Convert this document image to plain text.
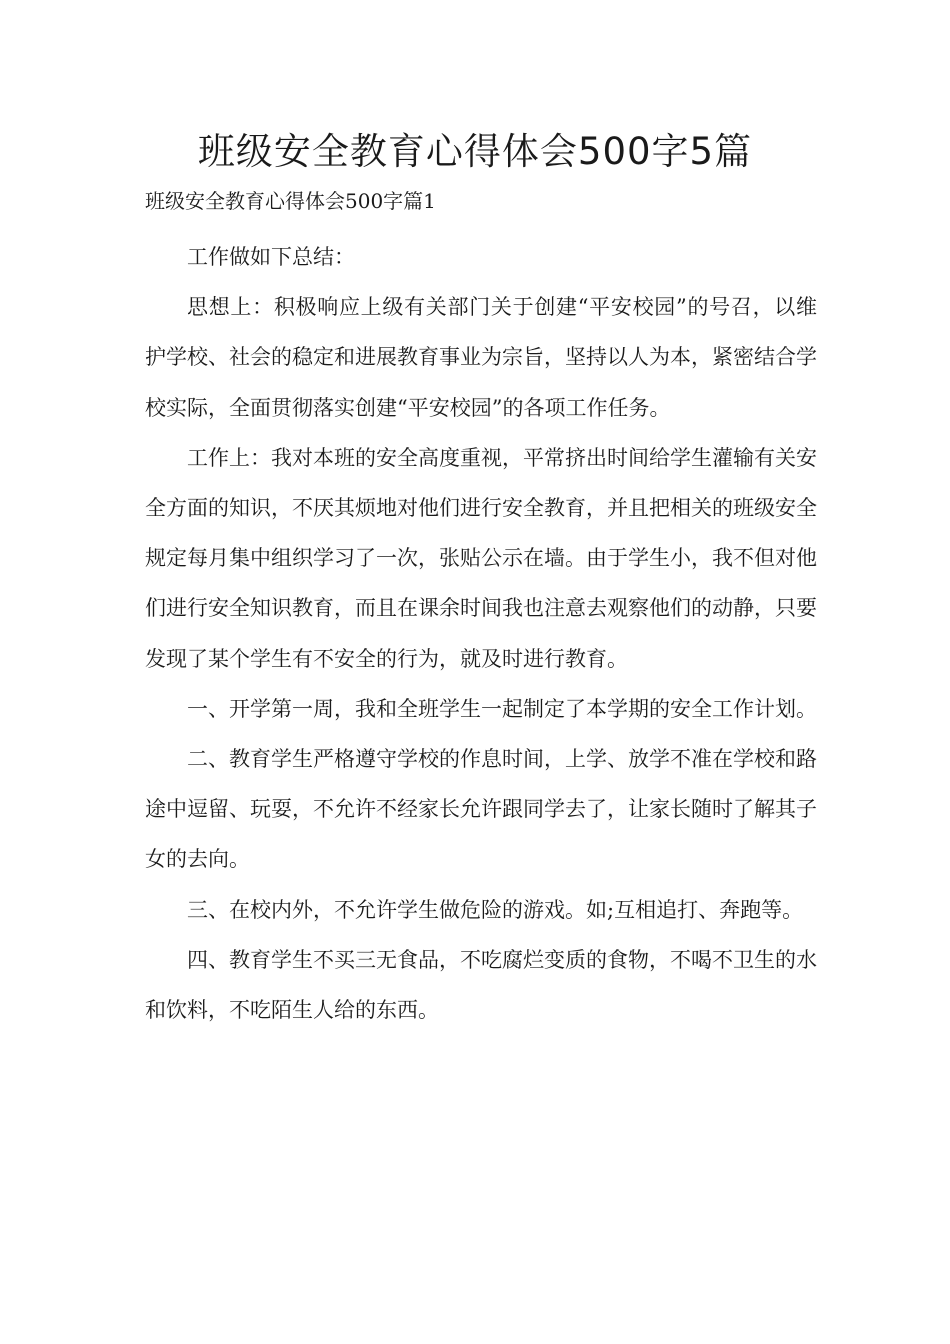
班级安全教育心得体会500字5篇

班级安全教育心得体会500字篇1

工作做如下总结：

思想上：积极响应上级有关部门关于创建“平安校园”的号召，以维护学校、社会的稳定和进展教育事业为宗旨，坚持以人为本，紧密结合学校实际，全面贯彻落实创建“平安校园”的各项工作任务。

工作上：我对本班的安全高度重视，平常挤出时间给学生灌输有关安全方面的知识，不厌其烦地对他们进行安全教育，并且把相关的班级安全规定每月集中组织学习了一次，张贴公示在墙。由于学生小，我不但对他们进行安全知识教育，而且在课余时间我也注意去观察他们的动静，只要发现了某个学生有不安全的行为，就及时进行教育。

一、开学第一周，我和全班学生一起制定了本学期的安全工作计划。

二、教育学生严格遵守学校的作息时间，上学、放学不准在学校和路途中逗留、玩耍，不允许不经家长允许跟同学去了，让家长随时了解其子女的去向。

三、在校内外，不允许学生做危险的游戏。如;互相追打、奔跑等。

四、教育学生不买三无食品，不吃腐烂变质的食物，不喝不卫生的水和饮料，不吃陌生人给的东西。
